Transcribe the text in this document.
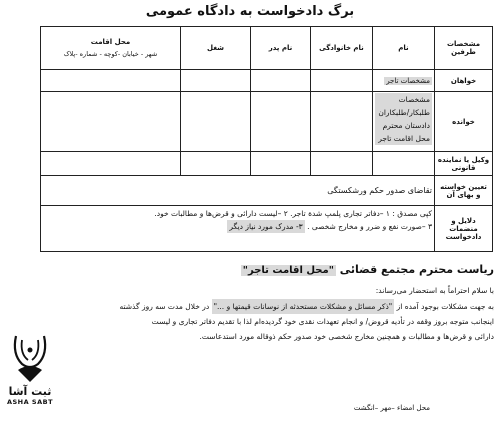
برگ دادخواست به دادگاه عمومی
مشخصات طرفین	نام	نام خانوادگی	نام پدر	شغل	محل اقامت
شهر - خیابان -کوچه - شماره -پلاک

خواهان	مشخصات تاجر				
خوانده	مشخصات
طلبکار/طلبکاران
دادستان محترم
محل اقامت تاجر				

وکیل یا نماینده قانونی					
تعیین خواسته و بهای آن	تقاضای صدور حکم ورشکستگی				
دلایل و منضمات دادخواست	کپی مصدق : ۱ –دفاتر تجاری پلمپ شدة تاجر. ۲ –لیست دارائی و قرض‌ها و مطالبات خود.
۳ –صورت نفع و ضرر و مخارج شخصی . ۳- مدرک مورد نیاز دیگر				
ریاست محترم مجتمع قضائی "محل اقامت تاجر"
با سلام احتراماً به استحضار می‌رساند:
به جهت مشکلات بوجود آمده از "ذکر مسائل و مشکلات مستحدثه از نوسانات قیمتها و ..." در خلال مدت سه روز گذشته
اینجانب متوجه بروز وقفه در تأدیه قروض/ و انجام تعهدات نقدی خود گردیده‌ام لذا با تقدیم دفاتر تجاری و لیست
دارائی و قرض‌ها و مطالبات و همچنین مخارج شخصی خود صدور حکم ذوقاله مورد استدعاست.
محل امضاء –مهر –انگشت
ثبت آشا
ASHA SABT
